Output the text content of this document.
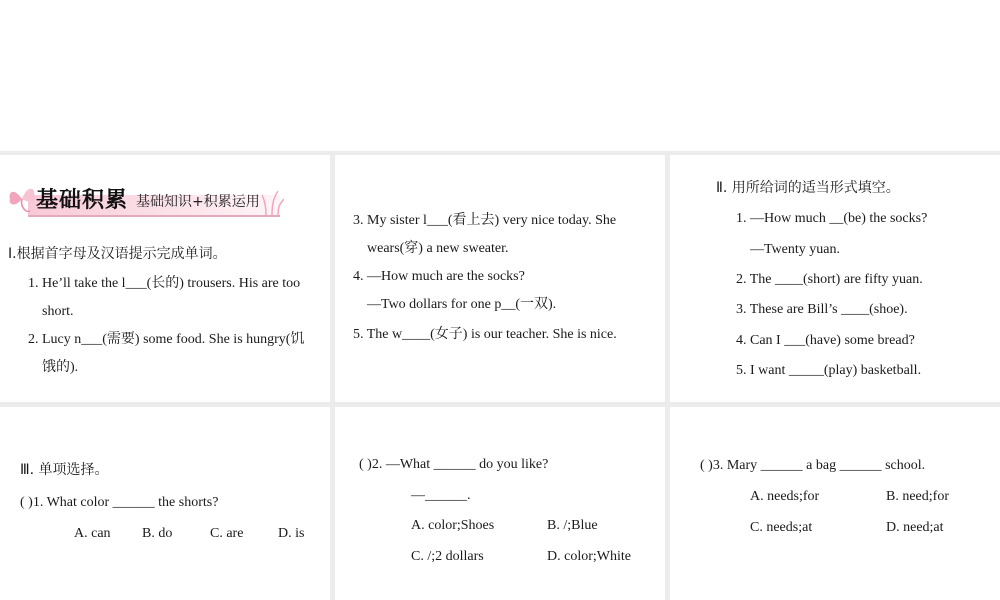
基础积累 基础知识+积累运用
Ⅰ.根据首字母及汉语提示完成单词。
1. He’ll take the l___(长的) trousers. His are too
short.
2. Lucy n___(需要) some food. She is hungry(饥
饿的).
3. My sister l___(看上去) very nice today. She
wears(穿) a new sweater.
4. —How much are the socks?
—Two dollars for one p__(一双).
5. The w____(女子) is our teacher. She is nice.
Ⅱ. 用所给词的适当形式填空。
1. —How much __(be) the socks?
—Twenty yuan.
2. The ____(short) are fifty yuan.
3. These are Bill’s ____(shoe).
4. Can I ___(have) some bread?
5. I want _____(play) basketball.
Ⅲ. 单项选择。
( )1. What color ______ the shorts?
A. can B. do	C. are D. is
( )2. —What ______ do you like?
—______.
A. color;Shoes	B. /;Blue
C. /;2 dollars	D. color;White
( )3. Mary ______ a bag ______ school.
A. needs;for	B. need;for
C. needs;at	D. need;at
